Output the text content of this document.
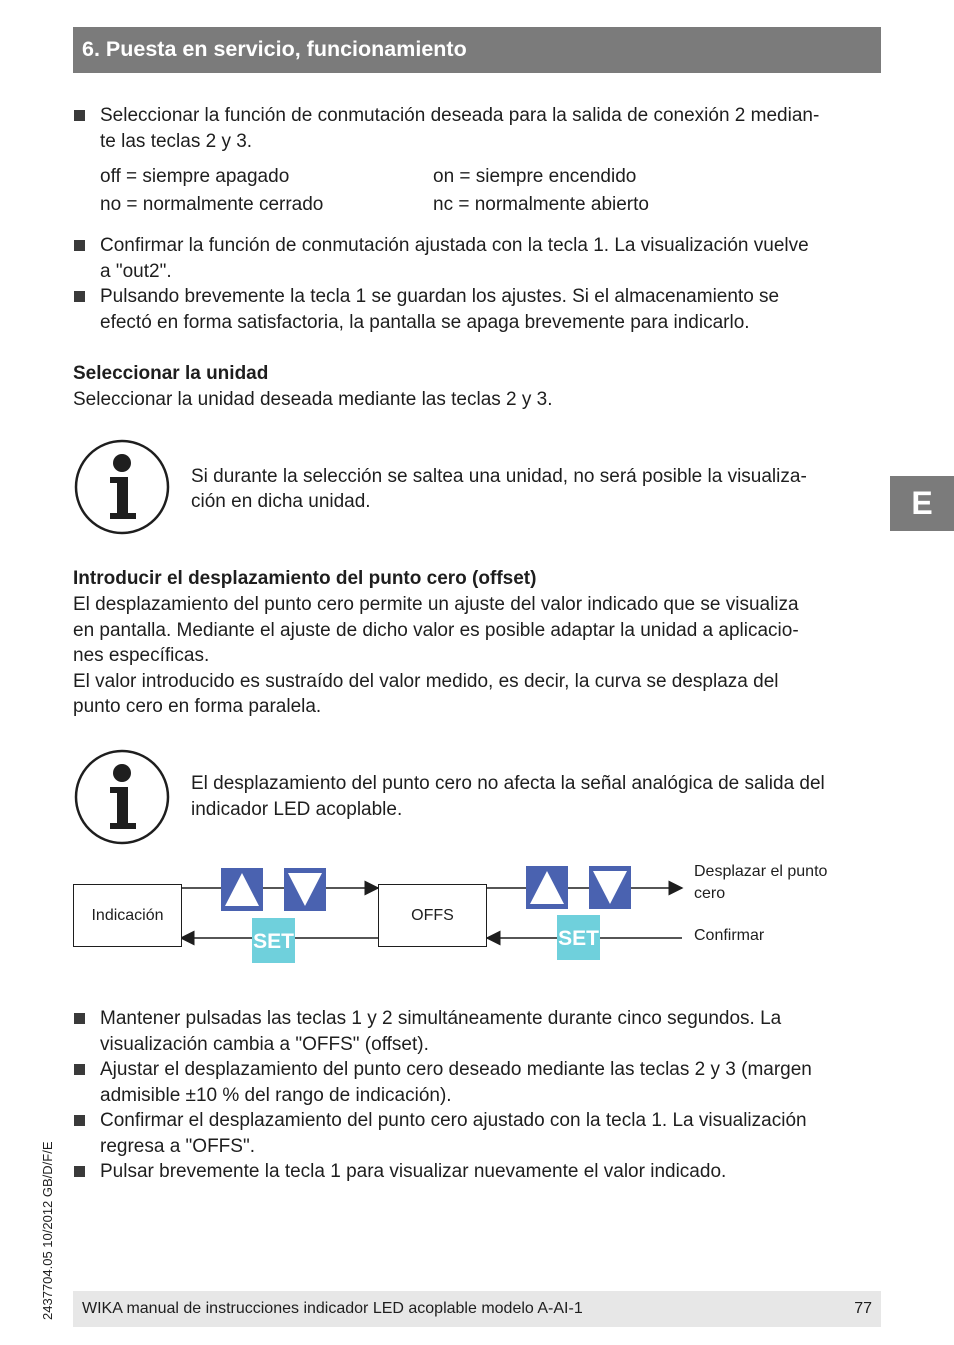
6. Puesta en servicio, funcionamiento
E
Seleccionar la función de conmutación deseada para la salida de conexión 2 median-
te las teclas 2 y 3.
off = siempre apagado	on = siempre encendido
no = normalmente cerrado	nc = normalmente abierto
Confirmar la función de conmutación ajustada con la tecla 1. La visualización vuelve
a "out2".
Pulsando brevemente la tecla 1 se guardan los ajustes. Si el almacenamiento se
efectó en forma satisfactoria, la pantalla se apaga brevemente para indicarlo.
Seleccionar la unidad
Seleccionar la unidad deseada mediante las teclas 2 y 3.
Si durante la selección se saltea una unidad, no será posible la visualiza-
ción en dicha unidad.
Introducir el desplazamiento del punto cero (offset)
El desplazamiento del punto cero permite un ajuste del valor indicado que se visualiza
en pantalla. Mediante el ajuste de dicho valor es posible adaptar la unidad a aplicacio-
nes específicas.
El valor introducido es sustraído del valor medido, es decir, la curva se desplaza del
punto cero en forma paralela.
El desplazamiento del punto cero no afecta la señal analógica de salida del
indicador LED acoplable.
SET	SET
Indicación	OFFS
Desplazar el punto
cero
Confirmar
Mantener pulsadas las teclas 1 y 2 simultáneamente durante cinco segundos. La
visualización cambia a "OFFS" (offset).
Ajustar el desplazamiento del punto cero deseado mediante las teclas 2 y 3 (margen
admisible ±10 % del rango de indicación).
Confirmar el desplazamiento del punto cero ajustado con la tecla 1. La visualización
regresa a "OFFS".
Pulsar brevemente la tecla 1 para visualizar nuevamente el valor indicado.
2437704.05 10/2012 GB/D/F/E WIKA manual de instrucciones indicador LED acoplable modelo A-AI-1	77
